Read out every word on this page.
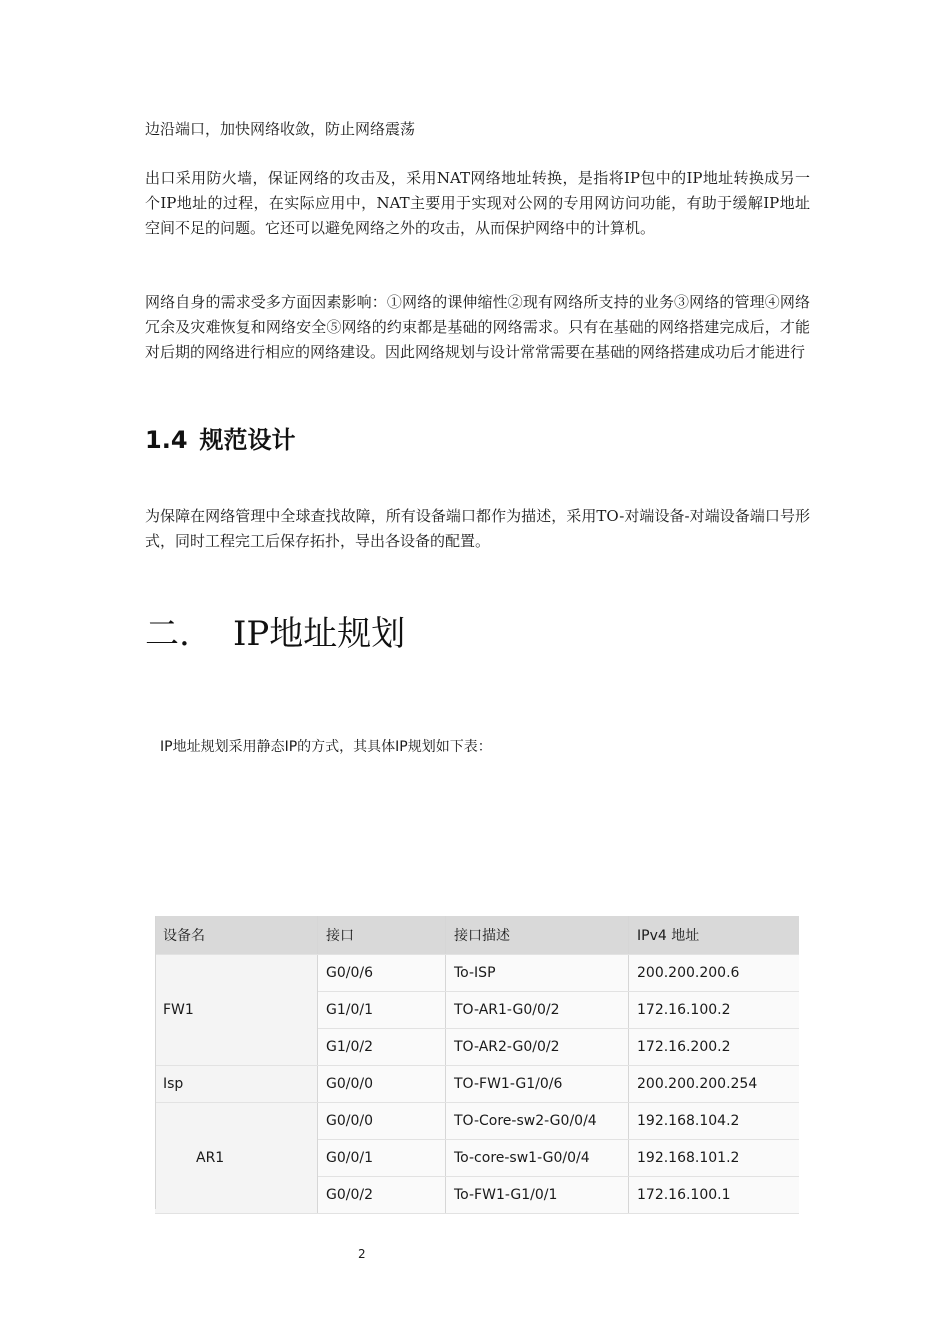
边沿端口，加快网络收敛，防止网络震荡

出口采用防火墙，保证网络的攻击及，采用NAT网络地址转换，是指将IP包中的IP地址转换成另一个IP地址的过程，在实际应用中，NAT主要用于实现对公网的专用网访问功能，有助于缓解IP地址空间不足的问题。它还可以避免网络之外的攻击，从而保护网络中的计算机。

网络自身的需求受多方面因素影响：①网络的课伸缩性②现有网络所支持的业务③网络的管理④网络冗余及灾难恢复和网络安全⑤网络的约束都是基础的网络需求。只有在基础的网络搭建完成后，才能对后期的网络进行相应的网络建设。因此网络规划与设计常常需要在基础的网络搭建成功后才能进行

1.4 规范设计

为保障在网络管理中全球查找故障，所有设备端口都作为描述，采用TO-对端设备-对端设备端口号形式，同时工程完工后保存拓扑，导出各设备的配置。

二. IP地址规划

IP地址规划采用静态IP的方式，其具体IP规划如下表：

设备名	接口	接口描述	IPv4 地址
FW1	G0/0/6	To-ISP	200.200.200.6
	G1/0/1	TO-AR1-G0/0/2	172.16.100.2
	G1/0/2	TO-AR2-G0/0/2	172.16.200.2
Isp	G0/0/0	TO-FW1-G1/0/6	200.200.200.254
AR1	G0/0/0	TO-Core-sw2-G0/0/4	192.168.104.2
	G0/0/1	To-core-sw1-G0/0/4	192.168.101.2
	G0/0/2	To-FW1-G1/0/1	172.16.100.1
2
